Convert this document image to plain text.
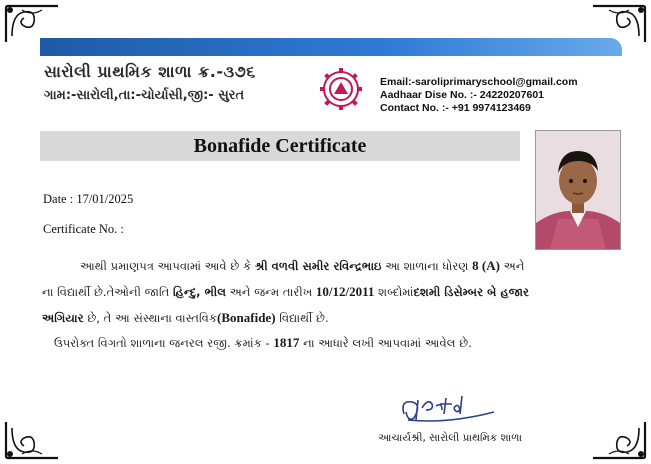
સારોલી પ્રાથમિક શાળા ક્ર.-૩૭૬
ગામ:-સારોલી,તા:-ચોર્યાસી,જી:- સુરત
Email:-saroliprimaryschool@gmail.com
Aadhaar Dise No. :- 24220207601
Contact No. :- +91 9974123469
Bonafide Certificate
Date : 17/01/2025
Certificate No. :
આથી પ્રમાણપત્ર આપવામાં આવે છે કે શ્રી વળવી સમીર રવિન્દ્રભાઇ આ શાળાના ધોરણ 8 (A) અને
ના વિદ્યાર્થી છે.તેઓની જાતિ હિન્દુ, ભીલ અને જન્મ તારીખ 10/12/2011 શબ્દોમાંદશમી ડિસેમ્બર બે હજાર
અગિયાર છે, તે આ સંસ્થાના વાસ્તવિક(Bonafide) વિદ્યાર્થી છે.
ઉપરોક્ત વિગતો શાળાના જનરલ રજી. ક્રમાંક - 1817 ના આધારે લખી આપવામાં આવેલ છે.
આચાર્યશ્રી, સારોલી પ્રાથમિક શાળા
